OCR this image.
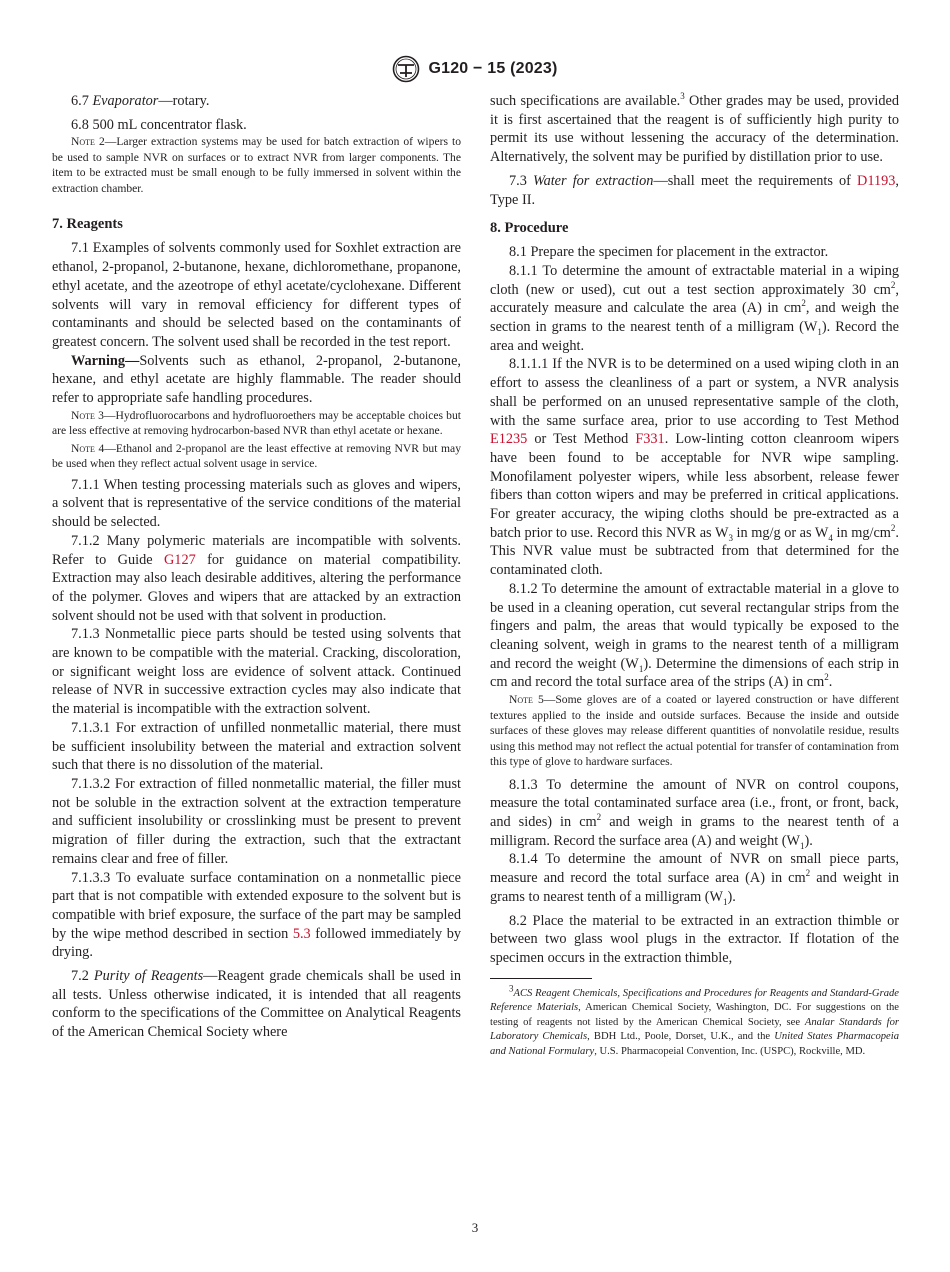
G120 − 15 (2023)

6.7 Evaporator—rotary.

6.8 500 mL concentrator flask.

Note 2—Larger extraction systems may be used for batch extraction of wipers to be used to sample NVR on surfaces or to extract NVR from larger components. The item to be extracted must be small enough to be fully immersed in solvent within the extraction chamber.

7. Reagents

7.1 Examples of solvents commonly used for Soxhlet extraction are ethanol, 2-propanol, 2-butanone, hexane, dichloromethane, propanone, ethyl acetate, and the azeotrope of ethyl acetate/cyclohexane. Different solvents will vary in removal efficiency for different types of contaminants and should be selected based on the contaminants of greatest concern. The solvent used shall be recorded in the test report.

Warning—Solvents such as ethanol, 2-propanol, 2-butanone, hexane, and ethyl acetate are highly flammable. The reader should refer to appropriate safe handling procedures.

Note 3—Hydrofluorocarbons and hydrofluoroethers may be acceptable choices but are less effective at removing hydrocarbon-based NVR than ethyl acetate or hexane.

Note 4—Ethanol and 2-propanol are the least effective at removing NVR but may be used when they reflect actual solvent usage in service.

7.1.1 When testing processing materials such as gloves and wipers, a solvent that is representative of the service conditions of the material should be selected.

7.1.2 Many polymeric materials are incompatible with solvents. Refer to Guide G127 for guidance on material compatibility. Extraction may also leach desirable additives, altering the performance of the polymer. Gloves and wipers that are attacked by an extraction solvent should not be used with that solvent in production.

7.1.3 Nonmetallic piece parts should be tested using solvents that are known to be compatible with the material. Cracking, discoloration, or significant weight loss are evidence of solvent attack. Continued release of NVR in successive extraction cycles may also indicate that the material is incompatible with the extraction solvent.

7.1.3.1 For extraction of unfilled nonmetallic material, there must be sufficient insolubility between the material and extraction solvent such that there is no dissolution of the material.

7.1.3.2 For extraction of filled nonmetallic material, the filler must not be soluble in the extraction solvent at the extraction temperature and sufficient insolubility or crosslinking must be present to prevent migration of filler during the extraction, such that the extractant remains clear and free of filler.

7.1.3.3 To evaluate surface contamination on a nonmetallic piece part that is not compatible with extended exposure to the solvent but is compatible with brief exposure, the surface of the part may be sampled by the wipe method described in section 5.3 followed immediately by drying.

7.2 Purity of Reagents—Reagent grade chemicals shall be used in all tests. Unless otherwise indicated, it is intended that all reagents conform to the specifications of the Committee on Analytical Reagents of the American Chemical Society where

such specifications are available.$^3$ Other grades may be used, provided it is first ascertained that the reagent is of sufficiently high purity to permit its use without lessening the accuracy of the determination. Alternatively, the solvent may be purified by distillation prior to use.

7.3 Water for extraction—shall meet the requirements of D1193, Type II.

8. Procedure

8.1 Prepare the specimen for placement in the extractor.

8.1.1 To determine the amount of extractable material in a wiping cloth (new or used), cut out a test section approximately 30 $cm^2$, accurately measure and calculate the area (A) in $cm^2$, and weigh the section in grams to the nearest tenth of a milligram $(W_1)$. Record the area and weight.

8.1.1.1 If the NVR is to be determined on a used wiping cloth in an effort to assess the cleanliness of a part or system, a NVR analysis shall be performed on an unused representative sample of the cloth, with the same surface area, prior to use according to Test Method E1235 or Test Method F331. Low-linting cotton cleanroom wipers have been found to be acceptable for NVR wipe sampling. Monofilament polyester wipers, while less absorbent, release fewer fibers than cotton wipers and may be preferred in critical applications. For greater accuracy, the wiping cloths should be pre-extracted as a batch prior to use. Record this NVR as $W_3$ in mg/g or as $W_4$ in $mg/cm^2$. This NVR value must be subtracted from that determined for the contaminated cloth.

8.1.2 To determine the amount of extractable material in a glove to be used in a cleaning operation, cut several rectangular strips from the fingers and palm, the areas that would typically be exposed to the cleaning solvent, weigh in grams to the nearest tenth of a milligram and record the weight $(W_1)$. Determine the dimensions of each strip in cm and record the total surface area of the strips (A) in $cm^2$.

Note 5—Some gloves are of a coated or layered construction or have different textures applied to the inside and outside surfaces. Because the inside and outside surfaces of these gloves may release different quantities of nonvolatile residue, results using this method may not reflect the actual potential for transfer of contamination from this type of glove to hardware surfaces.

8.1.3 To determine the amount of NVR on control coupons, measure the total contaminated surface area (i.e., front, or front, back, and sides) in $cm^2$ and weigh in grams to the nearest tenth of a milligram. Record the surface area (A) and weight $(W_1)$.

8.1.4 To determine the amount of NVR on small piece parts, measure and record the total surface area (A) in $cm^2$ and weight in grams to nearest tenth of a milligram $(W_1)$.

8.2 Place the material to be extracted in an extraction thimble or between two glass wool plugs in the extractor. If flotation of the specimen occurs in the extraction thimble,

$^3$ACS Reagent Chemicals, Specifications and Procedures for Reagents and Standard-Grade Reference Materials, American Chemical Society, Washington, DC. For suggestions on the testing of reagents not listed by the American Chemical Society, see Analar Standards for Laboratory Chemicals, BDH Ltd., Poole, Dorset, U.K., and the United States Pharmacopeia and National Formulary, U.S. Pharmacopeial Convention, Inc. (USPC), Rockville, MD.

3
